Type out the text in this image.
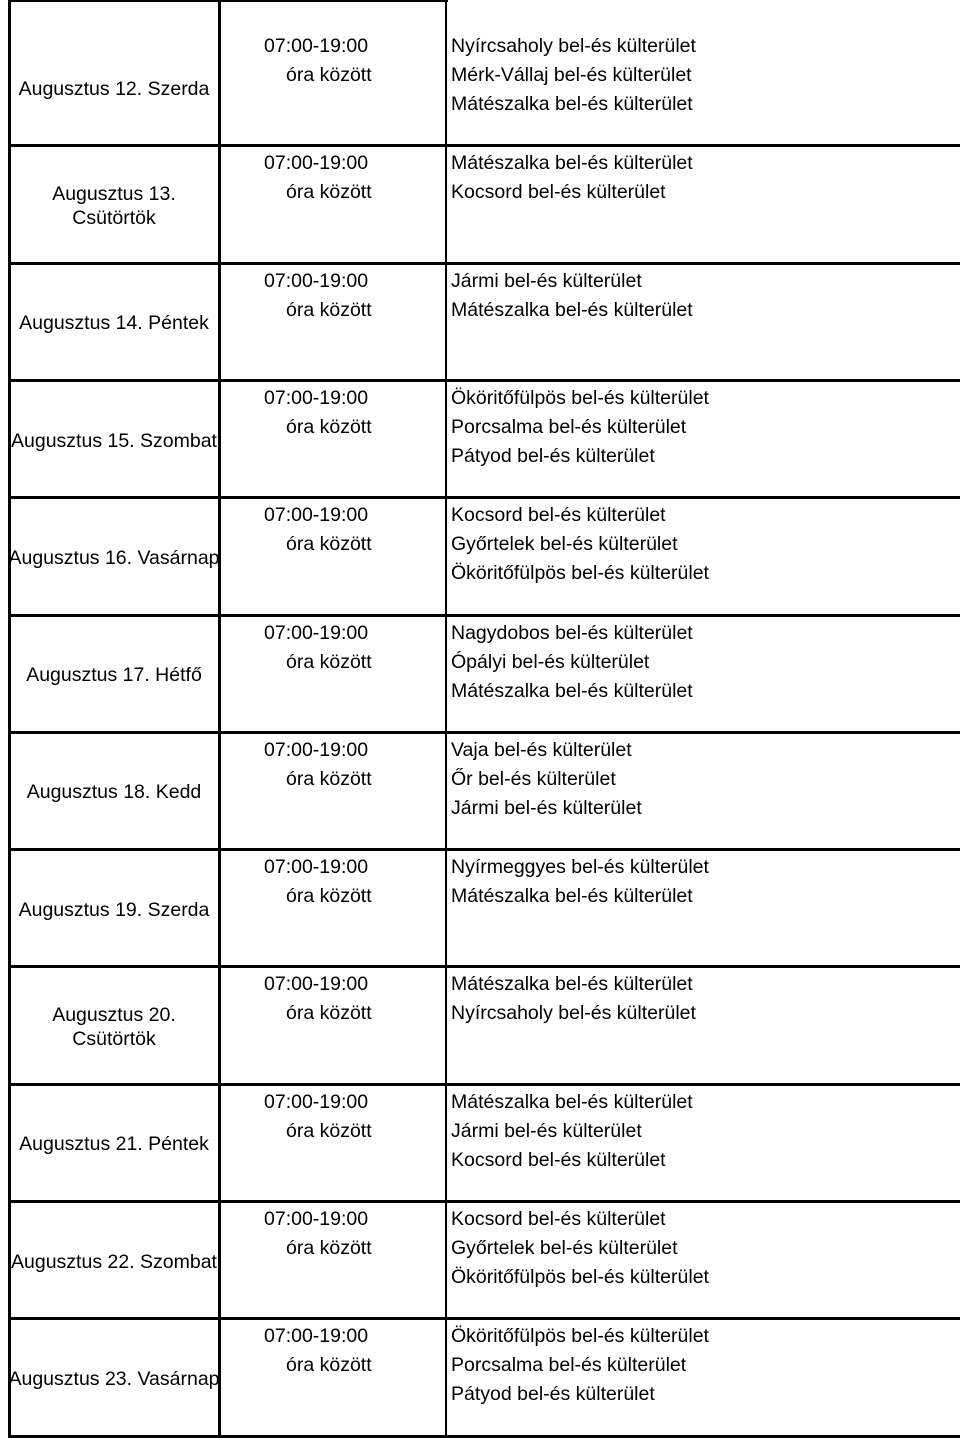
Augusztus 12. Szerda
07:00-19:00
óra között
Nyírcsaholy bel-és külterület
Mérk-Vállaj bel-és külterület
Mátészalka bel-és külterület
Augusztus 13. Csütörtök
07:00-19:00
óra között
Mátészalka bel-és külterület
Kocsord bel-és külterület
Augusztus 14. Péntek
07:00-19:00
óra között
Jármi bel-és külterület
Mátészalka bel-és külterület
Augusztus 15. Szombat
07:00-19:00
óra között
Ököritőfülpös bel-és külterület
Porcsalma bel-és külterület
Pátyod bel-és külterület
Augusztus 16. Vasárnap
07:00-19:00
óra között
Kocsord bel-és külterület
Győrtelek bel-és külterület
Ököritőfülpös bel-és külterület
Augusztus 17. Hétfő
07:00-19:00
óra között
Nagydobos bel-és külterület
Ópályi bel-és külterület
Mátészalka bel-és külterület
Augusztus 18. Kedd
07:00-19:00
óra között
Vaja bel-és külterület
Őr bel-és külterület
Jármi bel-és külterület
Augusztus 19. Szerda
07:00-19:00
óra között
Nyírmeggyes bel-és külterület
Mátészalka bel-és külterület
Augusztus 20. Csütörtök
07:00-19:00
óra között
Mátészalka bel-és külterület
Nyírcsaholy bel-és külterület
Augusztus 21. Péntek
07:00-19:00
óra között
Mátészalka bel-és külterület
Jármi bel-és külterület
Kocsord bel-és külterület
Augusztus 22. Szombat
07:00-19:00
óra között
Kocsord bel-és külterület
Győrtelek bel-és külterület
Ököritőfülpös bel-és külterület
Augusztus 23. Vasárnap
07:00-19:00
óra között
Ököritőfülpös bel-és külterület
Porcsalma bel-és külterület
Pátyod bel-és külterület
